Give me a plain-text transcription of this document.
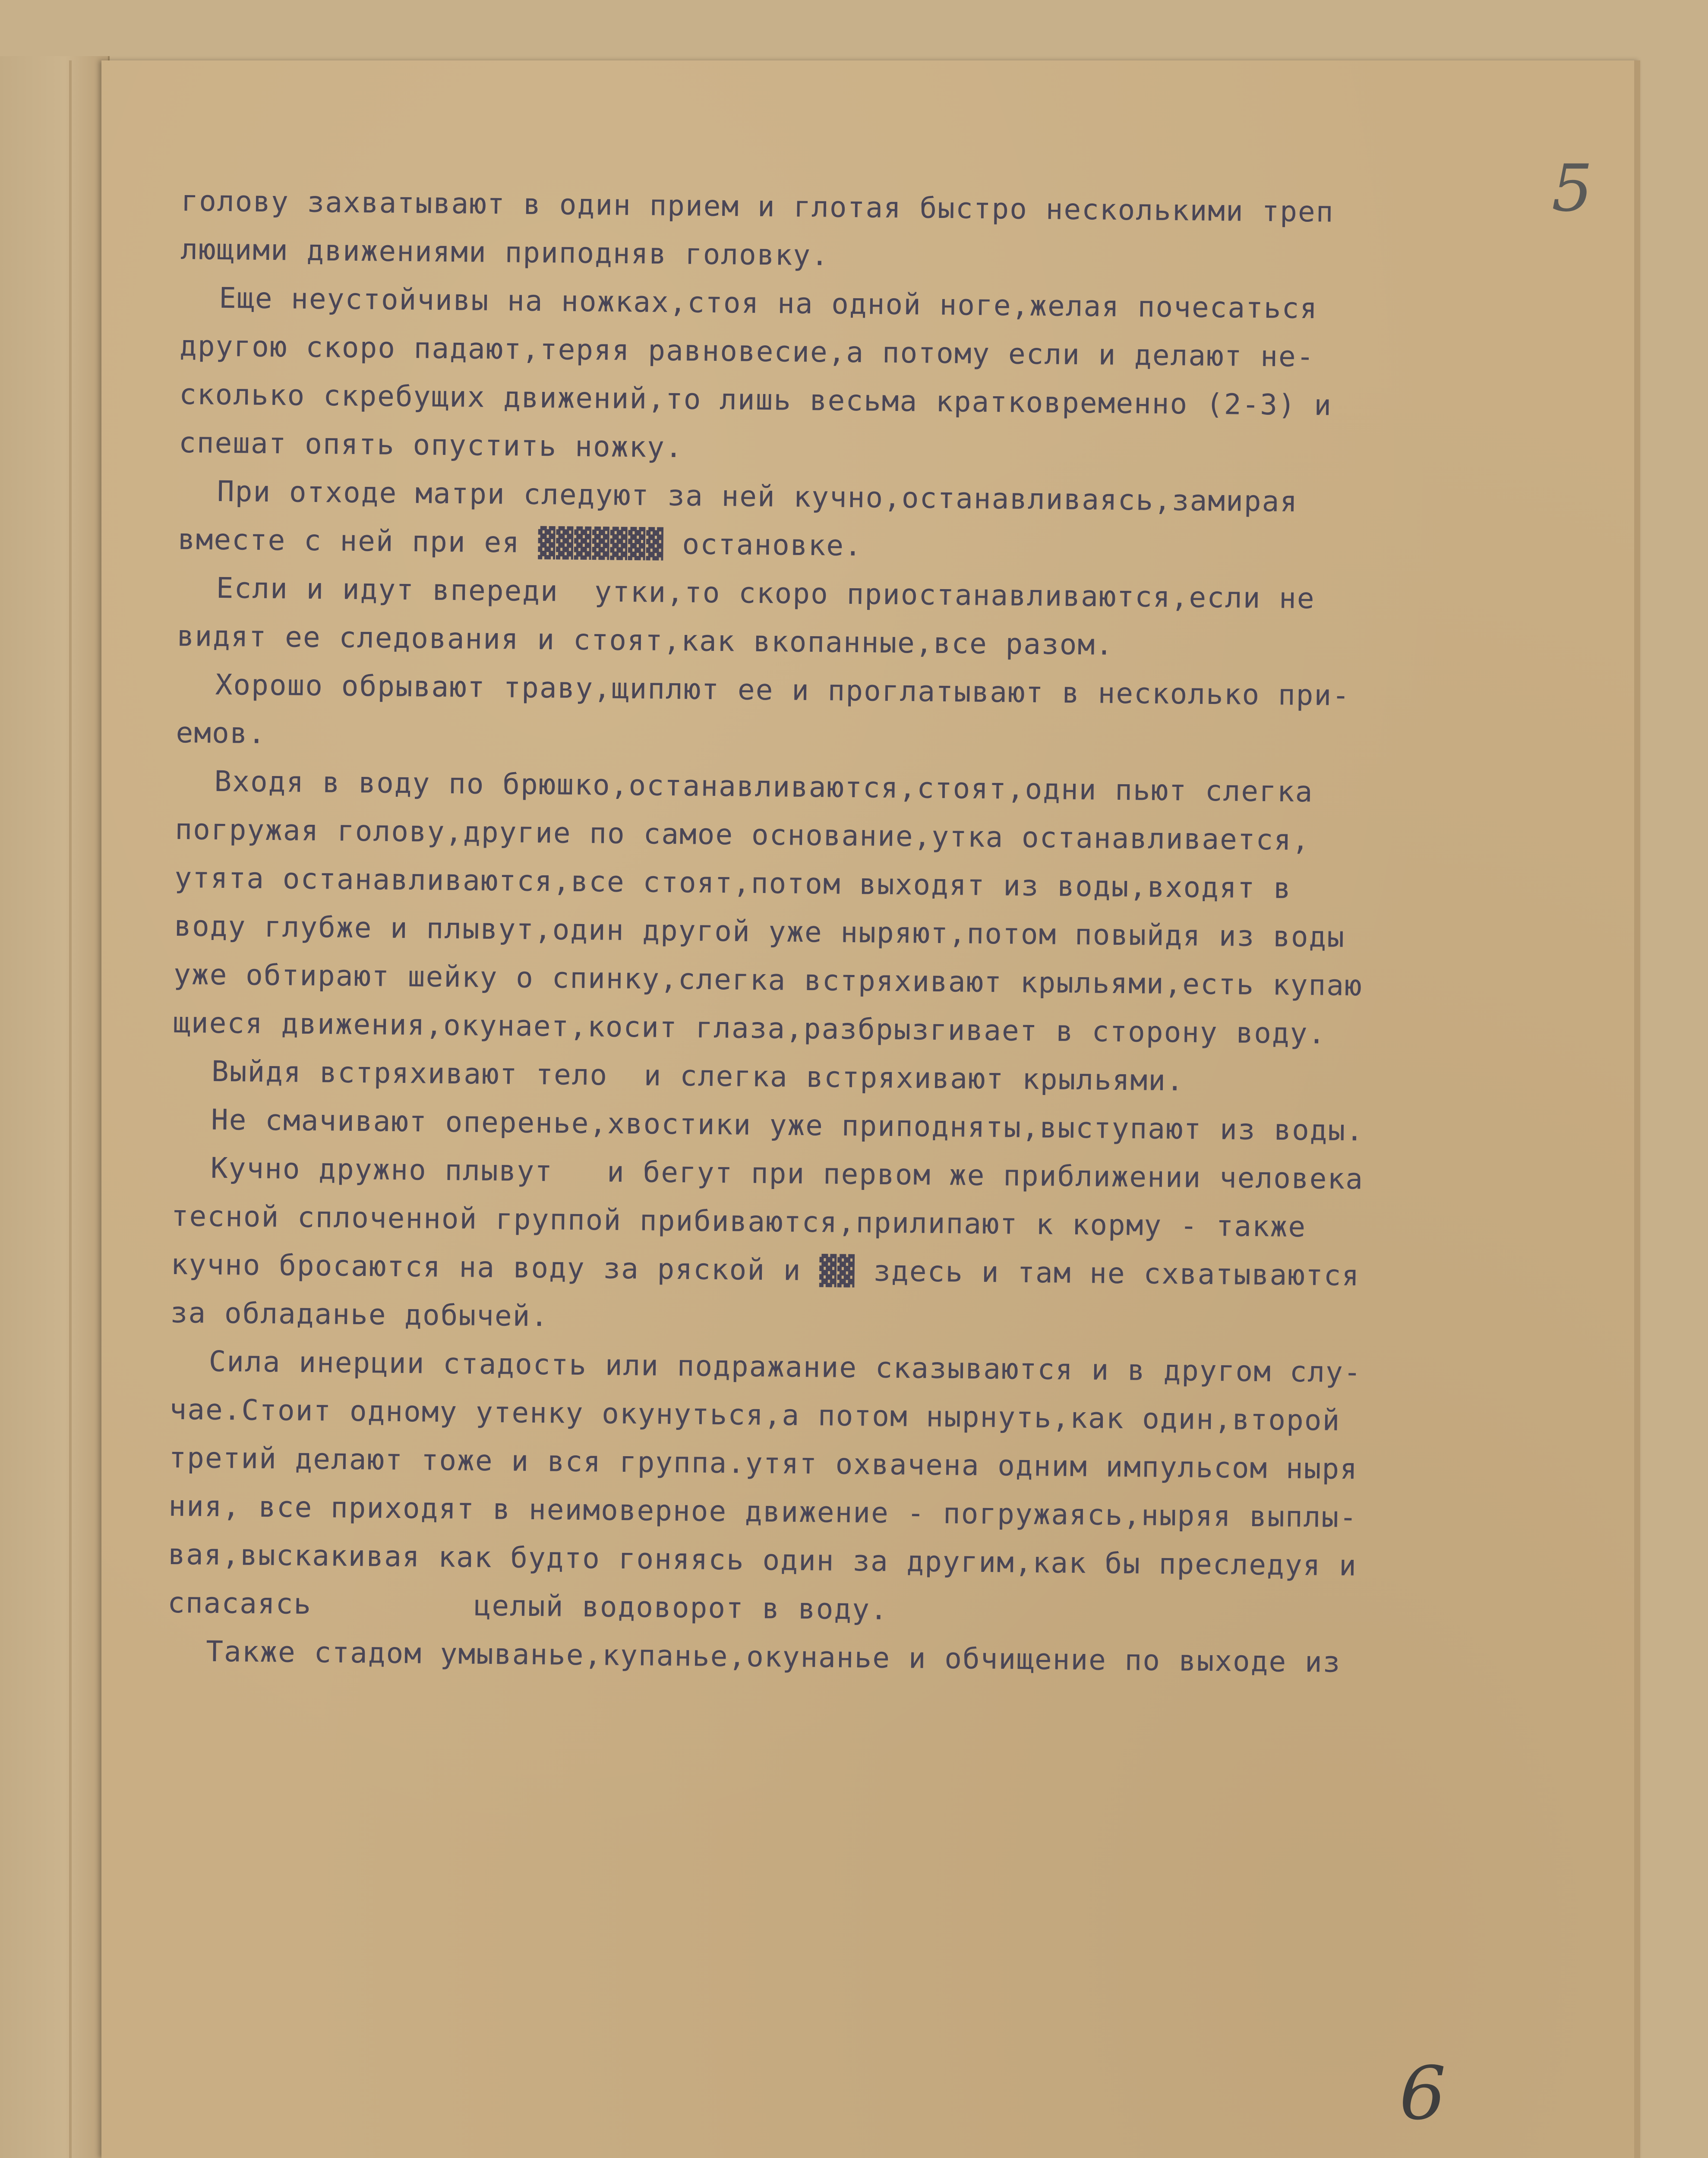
5
6
голову захватывают в один прием и глотая быстро несколькими треп
лющими движениями приподняв головку.
Еще неустойчивы на ножках,стоя на одной ноге,желая почесаться
другою скоро падают,теряя равновесие,а потому если и делают не-
сколько скребущих движений,то лишь весьма кратковременно (2-3) и
спешат опять опустить ножку.
При отходе матри следуют за ней кучно,останавливаясь,замирая
вместе с ней при ея ▓▓▓▓▓▓▓ остановке.
Если и идут впереди  утки,то скоро приостанавливаются,если не
видят ее следования и стоят,как вкопанные,все разом.
Хорошо обрывают траву,щиплют ее и проглатывают в несколько при-
емов.
Входя в воду по брюшко,останавливаются,стоят,одни пьют слегка
погружая голову,другие по самое основание,утка останавливается,
утята останавливаются,все стоят,потом выходят из воды,входят в
воду глубже и плывут,один другой уже ныряют,потом повыйдя из воды
уже обтирают шейку о спинку,слегка встряхивают крыльями,есть купаю
щиеся движения,окунает,косит глаза,разбрызгивает в сторону воду.
Выйдя встряхивают тело  и слегка встряхивают крыльями.
Не смачивают оперенье,хвостики уже приподняты,выступают из воды.
Кучно дружно плывут   и бегут при первом же приближении человека
тесной сплоченной группой прибиваются,прилипают к корму - также
кучно бросаются на воду за ряской и ▓▓ здесь и там не схватываются
за обладанье добычей.
Сила инерции стадость или подражание сказываются и в другом слу-
чае.Стоит одному утенку окунуться,а потом нырнуть,как один,второй
третий делают тоже и вся группа.утят охвачена одним импульсом ныря
ния, все приходят в неимоверное движение - погружаясь,ныряя выплы-
вая,выскакивая как будто гоняясь один за другим,как бы преследуя и
спасаясь         целый водоворот в воду.
Также стадом умыванье,купанье,окунанье и обчищение по выходе из
